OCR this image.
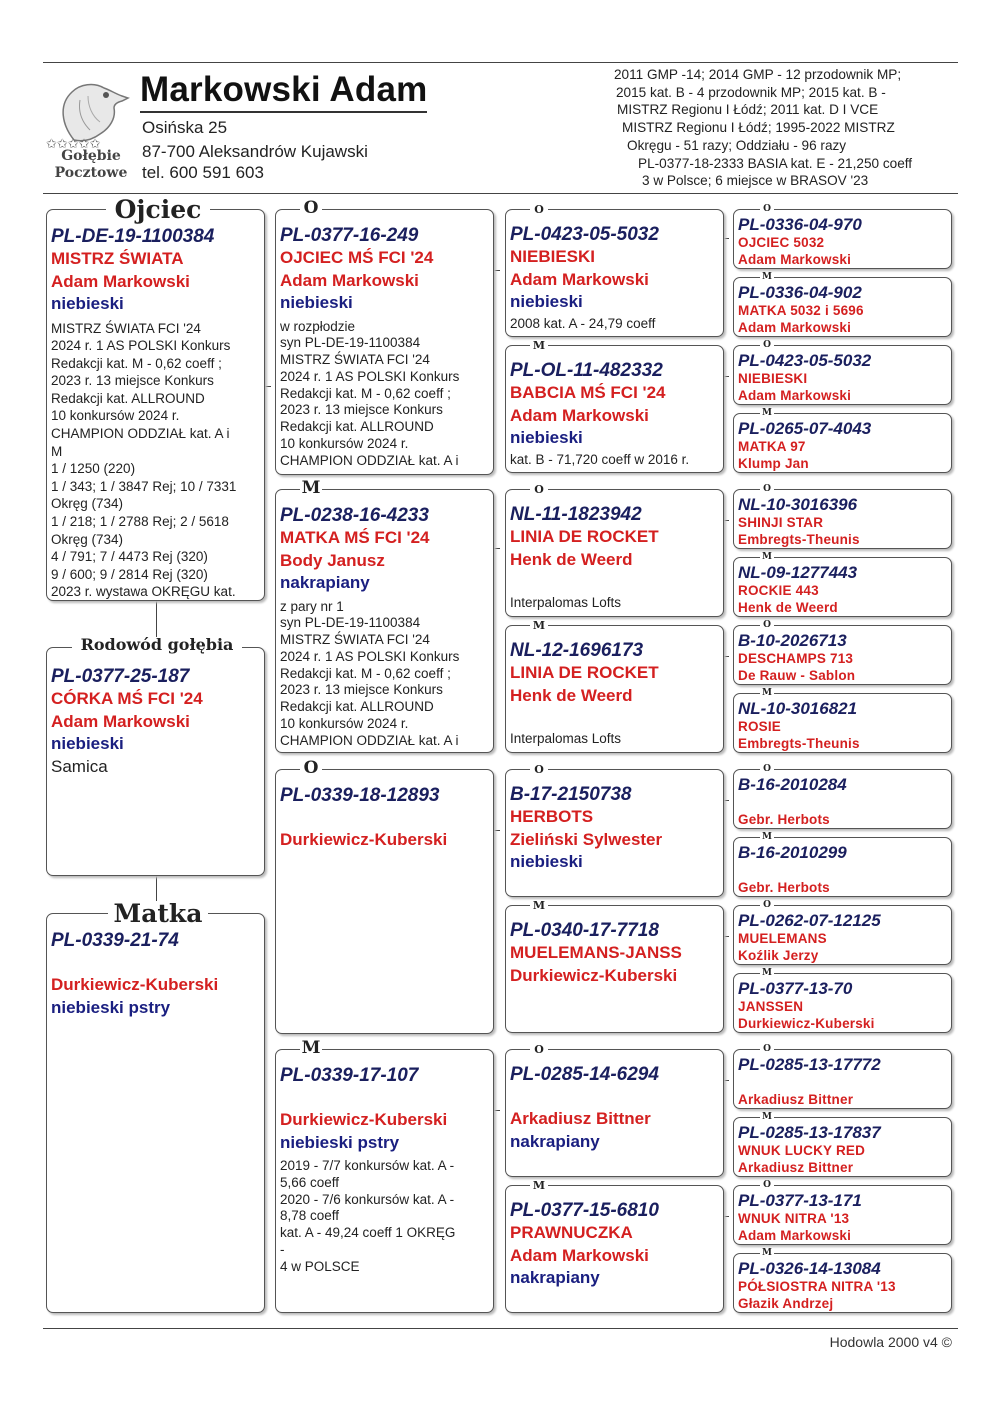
✩✩✩✩✩
Gołębie
Pocztowe
Markowski Adam
Osińska 25
87-700 Aleksandrów Kujawski
tel. 600 591 603
2011 GMP -14; 2014 GMP - 12 przodownik MP;
2015 kat. B - 4 przodownik MP; 2015 kat. B -
MISTRZ Regionu I Łódź; 2011 kat. D I VCE
MISTRZ Regionu I Łódź; 1995-2022 MISTRZ
Okręgu - 51 razy; Oddziału - 96 razy
PL-0377-18-2333 BASIA kat. E - 21,250 coeff
3 w Polsce; 6 miejsce w BRASOV '23
PL-DE-19-1100384
MISTRZ ŚWIATA
Adam Markowski
niebieski
MISTRZ ŚWIATA FCI '24
2024 r. 1 AS POLSKI Konkurs
Redakcji kat. M - 0,62 coeff ;
2023 r. 13 miejsce Konkurs
Redakcji kat. ALLROUND
10 konkursów 2024 r.
CHAMPION ODDZIAŁ kat. A i
M
1 / 1250 (220)
1 / 343; 1 / 3847 Rej; 10 / 7331
Okręg (734)
1 / 218; 1 / 2788 Rej; 2 / 5618
Okręg (734)
4 / 791; 7 / 4473 Rej (320)
9 / 600; 9 / 2814 Rej (320)
2023 r. wystawa OKRĘGU kat.
Ojciec
PL-0377-25-187
CÓRKA MŚ FCI '24
Adam Markowski
niebieski
Samica
Rodowód gołębia
PL-0339-21-74
Durkiewicz-Kuberski
niebieski pstry
Matka
PL-0377-16-249
OJCIEC MŚ FCI '24
Adam Markowski
niebieski
w rozpłodzie
syn PL-DE-19-1100384
MISTRZ ŚWIATA FCI '24
2024 r. 1 AS POLSKI Konkurs
Redakcji kat. M - 0,62 coeff ;
2023 r. 13 miejsce Konkurs
Redakcji kat. ALLROUND
10 konkursów 2024 r.
CHAMPION ODDZIAŁ kat. A i
O
PL-0238-16-4233
MATKA MŚ FCI '24
Body Janusz
nakrapiany
z pary nr 1
syn PL-DE-19-1100384
MISTRZ ŚWIATA FCI '24
2024 r. 1 AS POLSKI Konkurs
Redakcji kat. M - 0,62 coeff ;
2023 r. 13 miejsce Konkurs
Redakcji kat. ALLROUND
10 konkursów 2024 r.
CHAMPION ODDZIAŁ kat. A i
M
PL-0339-18-12893
Durkiewicz-Kuberski
O
PL-0339-17-107
Durkiewicz-Kuberski
niebieski pstry
2019 - 7/7 konkursów kat. A -
5,66 coeff
2020 - 7/6 konkursów kat. A -
8,78 coeff
kat. A - 49,24 coeff 1 OKRĘG
-
4 w POLSCE
M
PL-0423-05-5032
NIEBIESKI
Adam Markowski
niebieski
2008 kat. A - 24,79 coeff
O
PL-OL-11-482332
BABCIA MŚ FCI '24
Adam Markowski
niebieski
kat. B - 71,720 coeff w 2016 r.
M
NL-11-1823942
LINIA DE ROCKET
Henk de Weerd
Interpalomas Lofts
O
NL-12-1696173
LINIA DE ROCKET
Henk de Weerd
Interpalomas Lofts
M
B-17-2150738
HERBOTS
Zieliński Sylwester
niebieski
O
PL-0340-17-7718
MUELEMANS-JANSS
Durkiewicz-Kuberski
M
PL-0285-14-6294
Arkadiusz Bittner
nakrapiany
O
PL-0377-15-6810
PRAWNUCZKA
Adam Markowski
nakrapiany
M
PL-0336-04-970
OJCIEC 5032
Adam Markowski
O
PL-0336-04-902
MATKA 5032 i 5696
Adam Markowski
M
PL-0423-05-5032
NIEBIESKI
Adam Markowski
O
PL-0265-07-4043
MATKA 97
Klump Jan
M
NL-10-3016396
SHINJI STAR
Embregts-Theunis
O
NL-09-1277443
ROCKIE 443
Henk de Weerd
M
B-10-2026713
DESCHAMPS 713
De Rauw - Sablon
O
NL-10-3016821
ROSIE
Embregts-Theunis
M
B-16-2010284
Gebr. Herbots
O
B-16-2010299
Gebr. Herbots
M
PL-0262-07-12125
MUELEMANS
Koźlik Jerzy
O
PL-0377-13-70
JANSSEN
Durkiewicz-Kuberski
M
PL-0285-13-17772
Arkadiusz Bittner
O
PL-0285-13-17837
WNUK LUCKY RED
Arkadiusz Bittner
M
PL-0377-13-171
WNUK NITRA '13
Adam Markowski
O
PL-0326-14-13084
PÓŁSIOSTRA NITRA '13
Głazik Andrzej
M
Hodowla 2000 v4 ©
